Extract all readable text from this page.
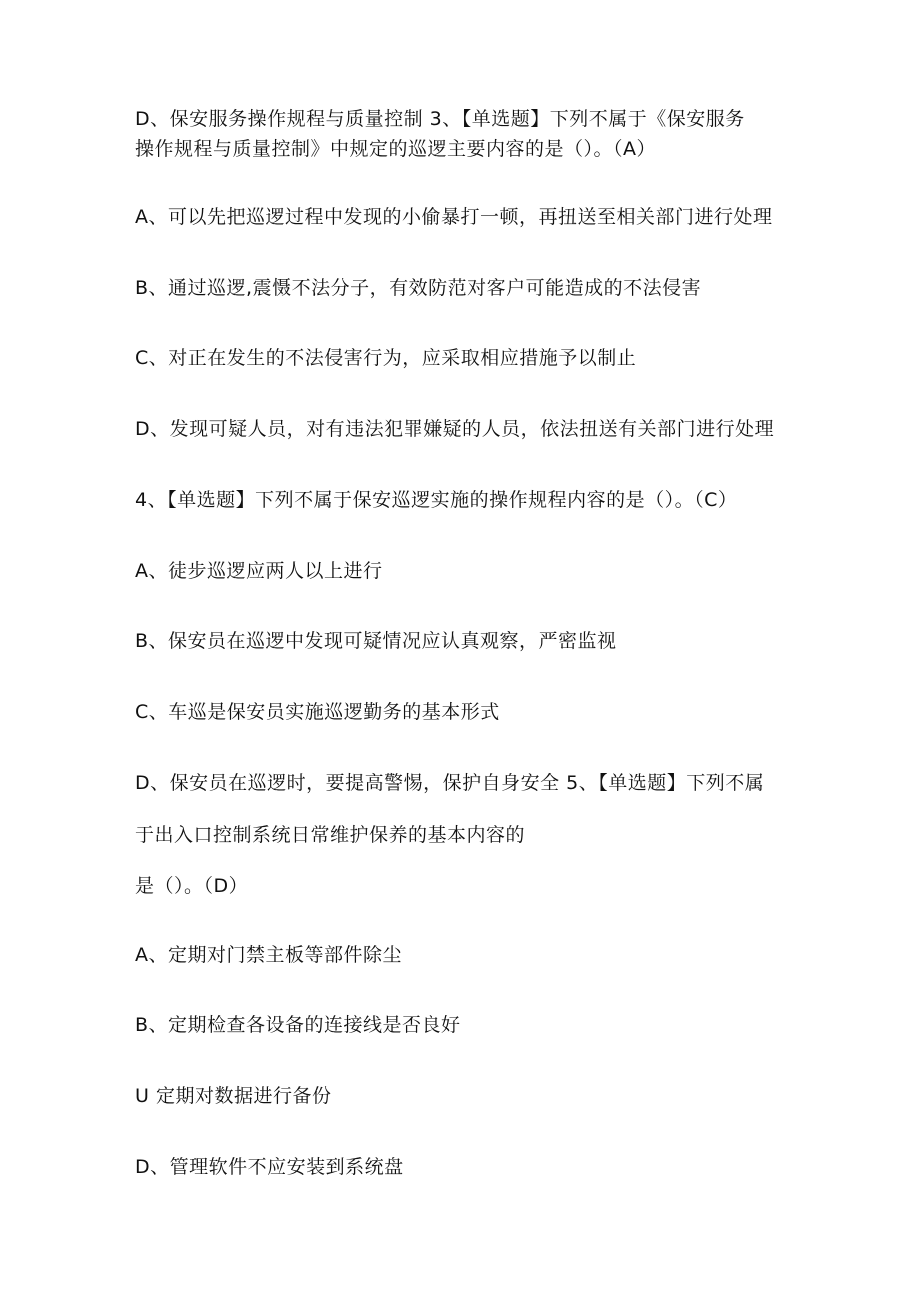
D、保安服务操作规程与质量控制 3、【单选题】下列不属于《保安服务
操作规程与质量控制》中规定的巡逻主要内容的是（）。（A）
A、可以先把巡逻过程中发现的小偷暴打一顿，再扭送至相关部门进行处理
B、通过巡逻,震慑不法分子，有效防范对客户可能造成的不法侵害
C、对正在发生的不法侵害行为，应采取相应措施予以制止
D、发现可疑人员，对有违法犯罪嫌疑的人员，依法扭送有关部门进行处理
4、【单选题】下列不属于保安巡逻实施的操作规程内容的是（）。（C）
A、徒步巡逻应两人以上进行
B、保安员在巡逻中发现可疑情况应认真观察，严密监视
C、车巡是保安员实施巡逻勤务的基本形式
D、保安员在巡逻时，要提高警惕，保护自身安全 5、【单选题】下列不属
于出入口控制系统日常维护保养的基本内容的
是（）。（D）
A、定期对门禁主板等部件除尘
B、定期检查各设备的连接线是否良好
U 定期对数据进行备份
D、管理软件不应安装到系统盘
